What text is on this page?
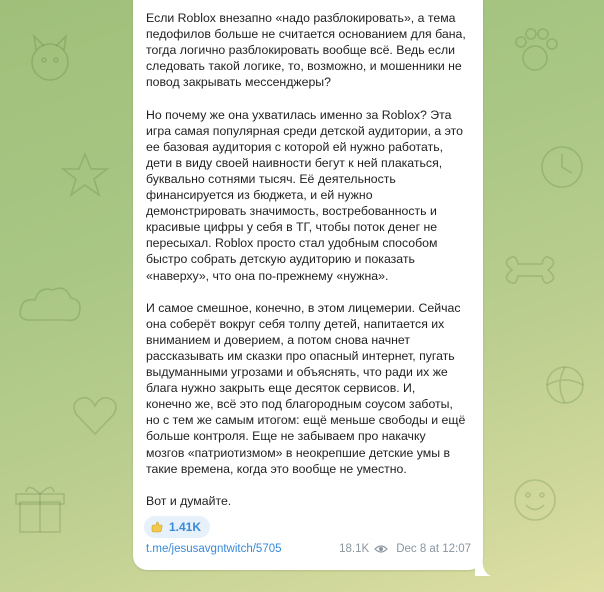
Если Roblox внезапно «надо разблокировать», а тема
педофилов больше не считается основанием для бана,
тогда логично разблокировать вообще всё. Ведь если
следовать такой логике, то, возможно, и мошенники не
повод закрывать мессенджеры?

Но почему же она ухватилась именно за Roblox? Эта
игра самая популярная среди детской аудитории, а это
ее базовая аудитория с которой ей нужно работать,
дети в виду своей наивности бегут к ней плакаться,
буквально сотнями тысяч. Её деятельность
финансируется из бюджета, и ей нужно
демонстрировать значимость, востребованность и
красивые цифры у себя в ТГ, чтобы поток денег не
пересыхал. Roblox просто стал удобным способом
быстро собрать детскую аудиторию и показать
«наверху», что она по-прежнему «нужна».

И самое смешное, конечно, в этом лицемерии. Сейчас
она соберёт вокруг себя толпу детей, напитается их
вниманием и доверием, а потом снова начнет
рассказывать им сказки про опасный интернет, пугать
выдуманными угрозами и объяснять, что ради их же
блага нужно закрыть еще десяток сервисов. И,
конечно же, всё это под благородным соусом заботы,
но с тем же самым итогом: ещё меньше свободы и ещё
больше контроля. Еще не забываем про накачку
мозгов «патриотизмом» в неокрепшие детские умы в
такие времена, когда это вообще не уместно.

Вот и думайте.

1.41K
t.me/jesusavgntwitch/5705	18.1K Dec 8 at 12:07
